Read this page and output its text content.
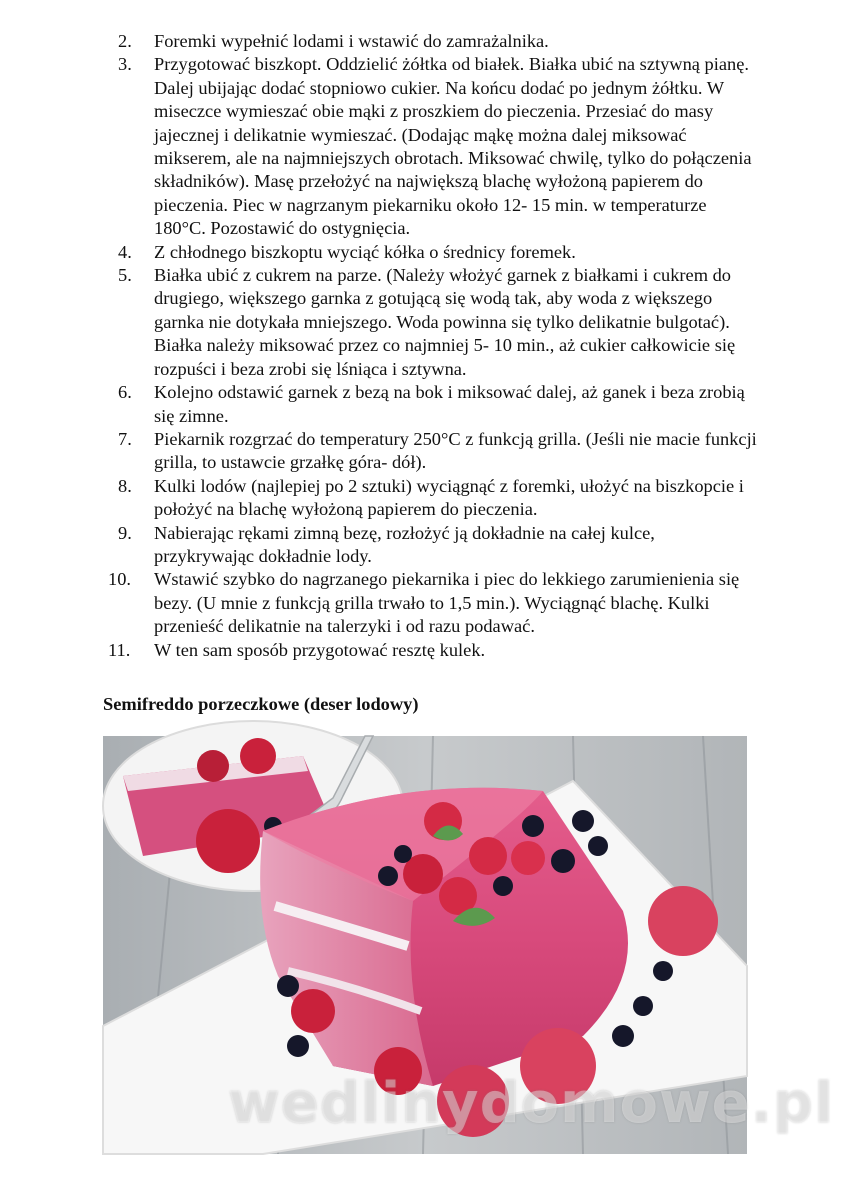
2.	Foremki wypełnić lodami i wstawić do zamrażalnika.
3.	Przygotować biszkopt. Oddzielić żółtka od białek. Białka ubić na sztywną pianę. Dalej ubijając dodać stopniowo cukier. Na końcu dodać po jednym żółtku. W miseczce wymieszać obie mąki z proszkiem do pieczenia. Przesiać do masy jajecznej i delikatnie wymieszać. (Dodając mąkę można dalej miksować mikserem, ale na najmniejszych obrotach. Miksować chwilę, tylko do połączenia składników). Masę przełożyć na największą blachę wyłożoną papierem do pieczenia. Piec w nagrzanym piekarniku około 12- 15 min. w temperaturze 180°C. Pozostawić do ostygnięcia.
4.	Z chłodnego biszkoptu wyciąć kółka o średnicy foremek.
5.	Białka ubić z cukrem na parze. (Należy włożyć garnek z białkami i cukrem do drugiego, większego garnka z gotującą się wodą tak, aby woda z większego garnka nie dotykała mniejszego. Woda powinna się tylko delikatnie bulgotać). Białka należy miksować przez co najmniej 5- 10 min., aż cukier całkowicie się rozpuści i beza zrobi się lśniąca i sztywna.
6.	Kolejno odstawić garnek z bezą na bok i miksować dalej, aż ganek i beza zrobią się zimne.
7.	Piekarnik rozgrzać do temperatury 250°C z funkcją grilla. (Jeśli nie macie funkcji grilla, to ustawcie grzałkę góra- dół).
8.	Kulki lodów (najlepiej po 2 sztuki) wyciągnąć z foremki, ułożyć na biszkopcie i położyć na blachę wyłożoną papierem do pieczenia.
9.	Nabierając rękami zimną bezę, rozłożyć ją dokładnie na całej kulce, przykrywając dokładnie lody.
10.	Wstawić szybko do nagrzanego piekarnika i piec do lekkiego zarumienienia się bezy. (U mnie z funkcją grilla trwało to 1,5 min.). Wyciągnąć blachę. Kulki przenieść delikatnie na talerzyki i od razu podawać.
11.	W ten sam sposób przygotować resztę kulek.
Semifreddo porzeczkowe (deser lodowy)
wedlinydomowe.pl
